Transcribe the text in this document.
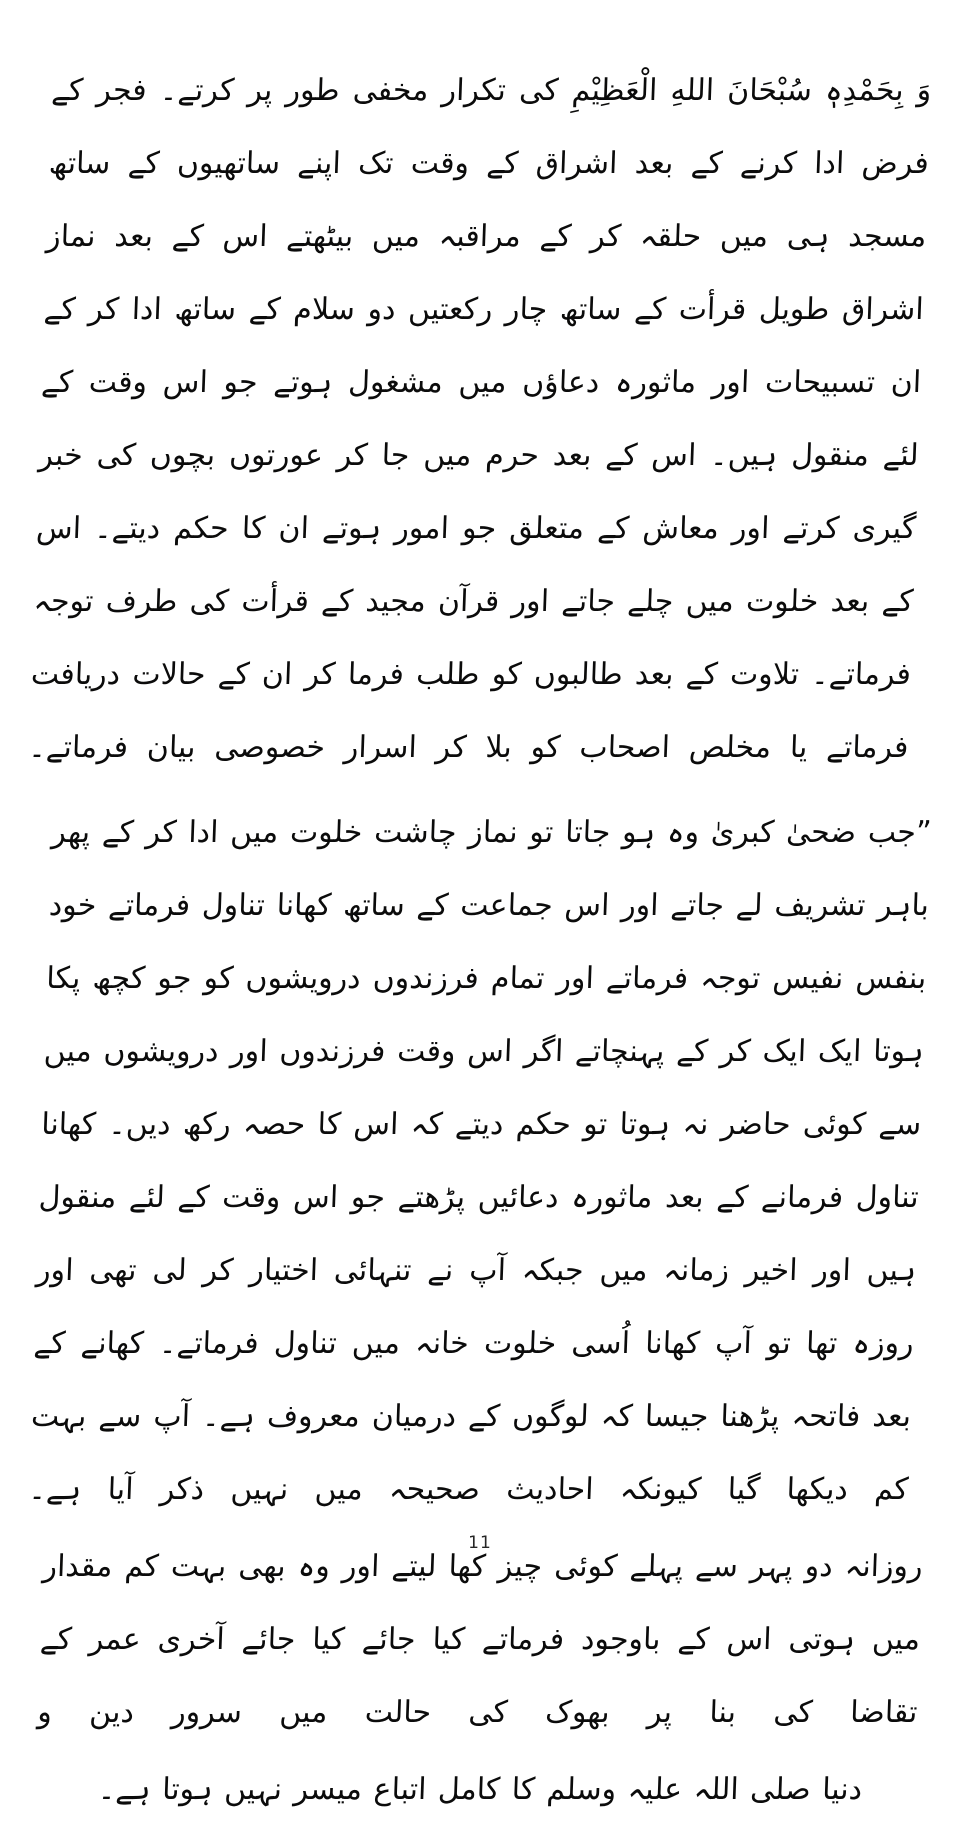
وَ بِحَمْدِهٖ سُبْحَانَ اللهِ الْعَظِیْمِ کی تکرار مخفی طور پر کرتے۔ فجر کے فرض ادا کرنے کے بعد اشراق کے وقت تک اپنے ساتھیوں کے ساتھ مسجد ہی میں حلقہ کر کے مراقبہ میں بیٹھتے اس کے بعد نماز اشراق طویل قرأت کے ساتھ چار رکعتیں دو سلام کے ساتھ ادا کر کے ان تسبیحات اور ماثورہ دعاؤں میں مشغول ہوتے جو اس وقت کے لئے منقول ہیں۔ اس کے بعد حرم میں جا کر عورتوں بچوں کی خبر گیری کرتے اور معاش کے متعلق جو امور ہوتے ان کا حکم دیتے۔ اس کے بعد خلوت میں چلے جاتے اور قرآن مجید کے قرأت کی طرف توجہ فرماتے۔ تلاوت کے بعد طالبوں کو طلب فرما کر ان کے حالات دریافت فرماتے یا مخلص اصحاب کو بلا کر اسرار خصوصی بیان فرماتے۔

”جب ضحیٰ کبریٰ وہ ہو جاتا تو نماز چاشت خلوت میں ادا کر کے پھر باہر تشریف لے جاتے اور اس جماعت کے ساتھ کھانا تناول فرماتے خود بنفس نفیس توجہ فرماتے اور تمام فرزندوں درویشوں کو جو کچھ پکا ہوتا ایک ایک کر کے پہنچاتے اگر اس وقت فرزندوں اور درویشوں میں سے کوئی حاضر نہ ہوتا تو حکم دیتے کہ اس کا حصہ رکھ دیں۔ کھانا تناول فرمانے کے بعد ماثورہ دعائیں پڑھتے جو اس وقت کے لئے منقول ہیں اور اخیر زمانہ میں جبکہ آپ نے تنہائی اختیار کر لی تھی اور روزہ تھا تو آپ کھانا اُسی خلوت خانہ میں تناول فرماتے۔ کھانے کے بعد فاتحہ پڑھنا جیسا کہ لوگوں کے درمیان معروف ہے۔ آپ سے بہت کم دیکھا گیا کیونکہ احادیث صحیحہ میں نہیں ذکر آیا ہے۔

روزانہ دو پہر سے پہلے کوئی چیز کھا لیتے اور وہ بھی بہت کم مقدار میں ہوتی اس کے باوجود فرماتے کیا جائے کیا جائے آخری عمر کے تقاضا کی بنا پر بھوک کی حالت میں سرور دین و

دنیا صلی اللہ علیہ وسلم کا کامل اتباع میسر نہیں ہوتا ہے۔

11
